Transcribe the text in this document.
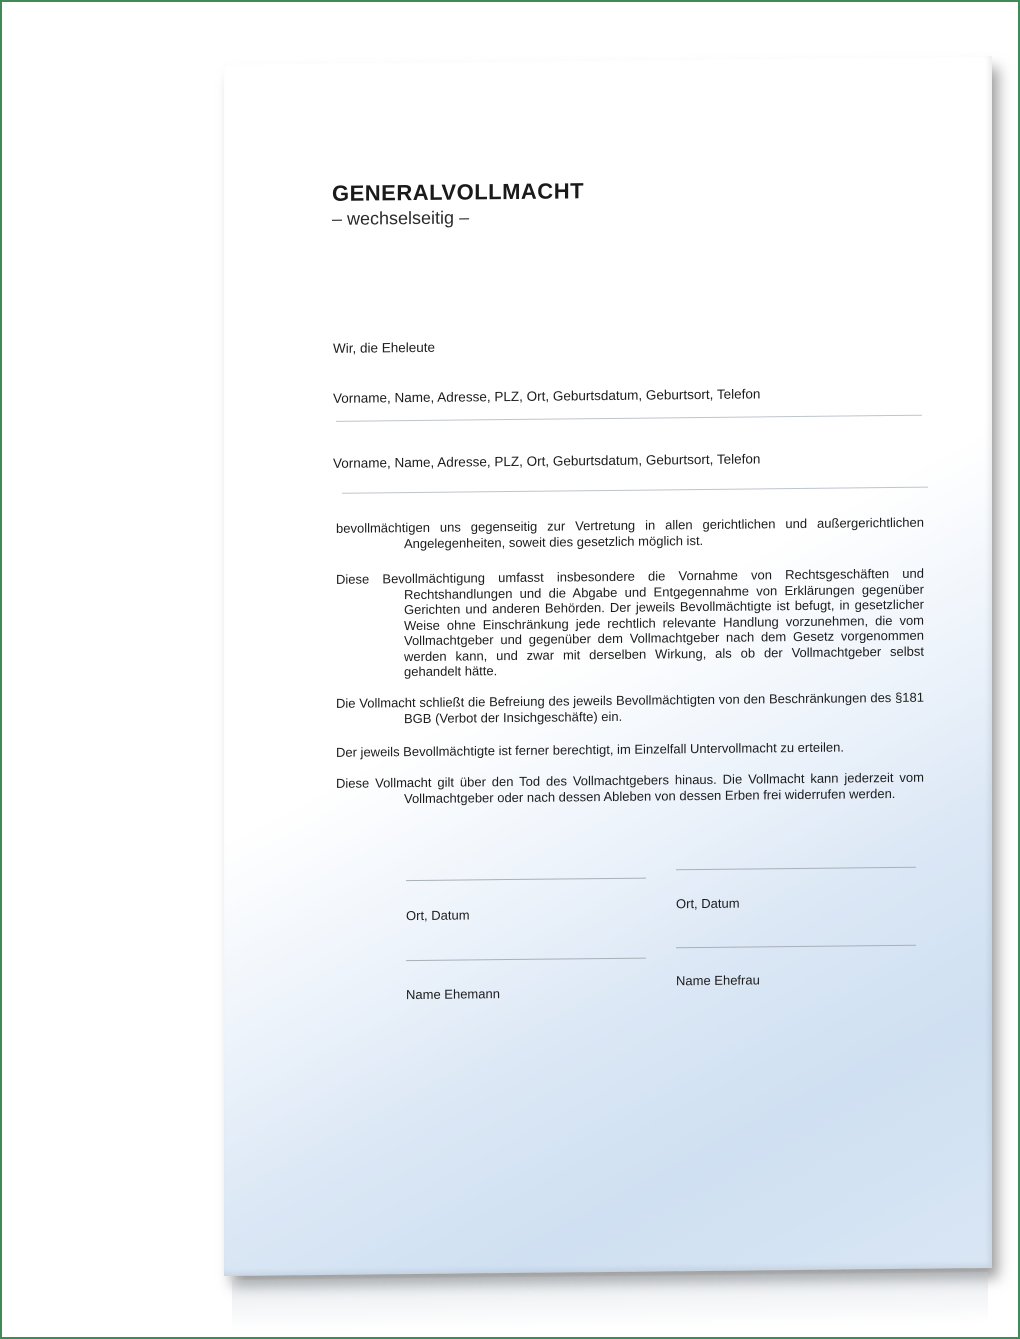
GENERALVOLLMACHT
– wechselseitig –
Wir, die Eheleute
Vorname, Name, Adresse, PLZ, Ort, Geburtsdatum, Geburtsort, Telefon
Vorname, Name, Adresse, PLZ, Ort, Geburtsdatum, Geburtsort, Telefon
bevollmächtigen uns gegenseitig zur Vertretung in allen gerichtlichen und außergerichtlichen Angelegenheiten, soweit dies gesetzlich möglich ist.
Diese Bevollmächtigung umfasst insbesondere die Vornahme von Rechtsgeschäften und Rechtshandlungen und die Abgabe und Entgegennahme von Erklärungen gegenüber Gerichten und anderen Behörden. Der jeweils Bevollmächtigte ist befugt, in gesetzlicher Weise ohne Einschränkung jede rechtlich relevante Handlung vorzunehmen, die vom Vollmachtgeber und gegenüber dem Vollmachtgeber nach dem Gesetz vorgenommen werden kann, und zwar mit derselben Wirkung, als ob der Vollmachtgeber selbst gehandelt hätte.
Die Vollmacht schließt die Befreiung des jeweils Bevollmächtigten von den Beschränkungen des §181 BGB (Verbot der Insichgeschäfte) ein.
Der jeweils Bevollmächtigte ist ferner berechtigt, im Einzelfall Untervollmacht zu erteilen.
Diese Vollmacht gilt über den Tod des Vollmachtgebers hinaus. Die Vollmacht kann jederzeit vom Vollmachtgeber oder nach dessen Ableben von dessen Erben frei widerrufen werden.
Ort, Datum
Ort, Datum
Name Ehemann
Name Ehefrau
